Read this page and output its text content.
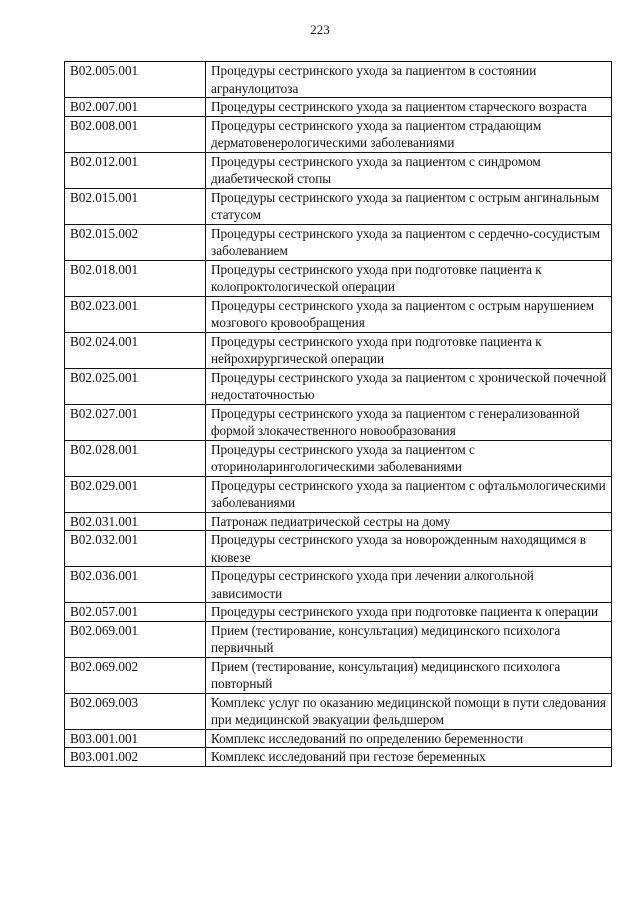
223
B02.005.001	Процедуры сестринского ухода за пациентом в состоянии агранулоцитоза
B02.007.001	Процедуры сестринского ухода за пациентом старческого возраста
B02.008.001	Процедуры сестринского ухода за пациентом страдающим дерматовенерологическими заболеваниями
B02.012.001	Процедуры сестринского ухода за пациентом с синдромом диабетической стопы
B02.015.001	Процедуры сестринского ухода за пациентом с острым ангинальным статусом
B02.015.002	Процедуры сестринского ухода за пациентом с сердечно-сосудистым заболеванием
B02.018.001	Процедуры сестринского ухода при подготовке пациента к колопроктологической операции
B02.023.001	Процедуры сестринского ухода за пациентом с острым нарушением мозгового кровообращения
B02.024.001	Процедуры сестринского ухода при подготовке пациента к нейрохирургической операции
B02.025.001	Процедуры сестринского ухода за пациентом с хронической почечной недостаточностью
B02.027.001	Процедуры сестринского ухода за пациентом с генерализованной формой злокачественного новообразования
B02.028.001	Процедуры сестринского ухода за пациентом с оториноларингологическими заболеваниями
B02.029.001	Процедуры сестринского ухода за пациентом с офтальмологическими заболеваниями
B02.031.001	Патронаж педиатрической сестры на дому
B02.032.001	Процедуры сестринского ухода за новорожденным находящимся в кювезе
B02.036.001	Процедуры сестринского ухода при лечении алкогольной зависимости
B02.057.001	Процедуры сестринского ухода при подготовке пациента к операции
B02.069.001	Прием (тестирование, консультация) медицинского психолога первичный
B02.069.002	Прием (тестирование, консультация) медицинского психолога повторный
B02.069.003	Комплекс услуг по оказанию медицинской помощи в пути следования при медицинской эвакуации фельдшером
B03.001.001	Комплекс исследований по определению беременности
B03.001.002	Комплекс исследований при гестозе беременных
